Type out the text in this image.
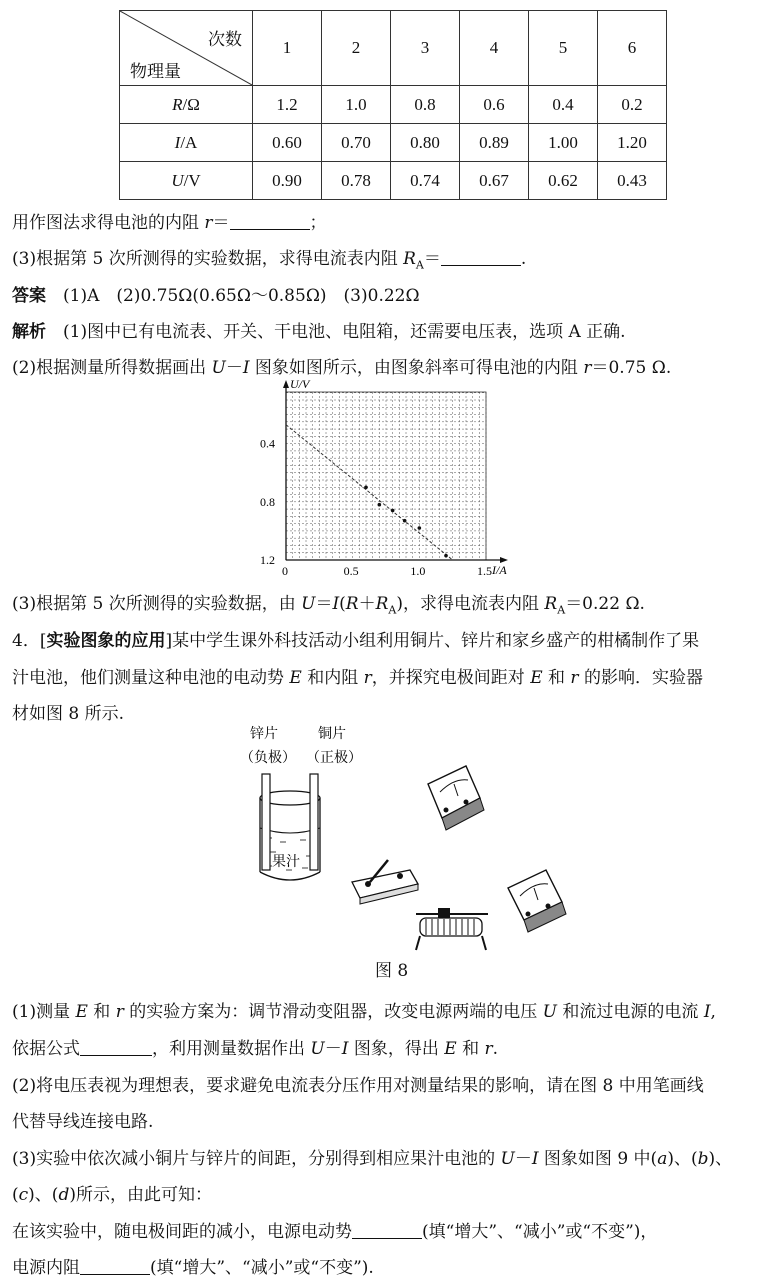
次数
物理量	1	2	3	4	5	6
R/Ω	1.2	1.0	0.8	0.6	0.4	0.2
I/A	0.60	0.70	0.80	0.89	1.00	1.20
U/V	0.90	0.78	0.74	0.67	0.62	0.43
用作图法求得电池的内阻 r＝	；
(3)根据第 5 次所测得的实验数据，求得电流表内阻 $R_A=$	.
答案　 (1)A　(2)0.75Ω(0.65Ω～0.85Ω)　(3)0.22Ω
解析　 (1)图中已有电流表、开关、干电池、电阻箱，还需要电压表，选项 A 正确.
(2)根据测量所得数据画出 U－I 图象如图所示，由图象斜率可得电池的内阻 r＝0.75 Ω.
U/V
I/A
1.2
0.8
0.4
0	0.5	1.0	1.5
(3)根据第 5 次所测得的实验数据，由 $U=I(R+R_A)$，求得电流表内阻 $R_A=0.22$ Ω.
4．[实验图象的应用]某中学生课外科技活动小组利用铜片、锌片和家乡盛产的柑橘制作了果
汁电池，他们测量这种电池的电动势 E 和内阻 r，并探究电极间距对 E 和 r 的影响．实验器
材如图 8 所示.
锌片	铜片
（负极） （正极）
果汁
图 8
(1)测量 E 和 r 的实验方案为：调节滑动变阻器，改变电源两端的电压 U 和流过电源的电流 I,
依据公式	，利用测量数据作出 U－I 图象，得出 E 和 r.
(2)将电压表视为理想表，要求避免电流表分压作用对测量结果的影响，请在图 8 中用笔画线
代替导线连接电路.
(3)实验中依次减小铜片与锌片的间距，分别得到相应果汁电池的 U－I 图象如图 9 中(a)、(b)、
(c)、(d)所示，由此可知：
在该实验中，随电极间距的减小，电源电动势	(填“增大”、“减小”或“不变”)，
电源内阻	(填“增大”、“减小”或“不变”).
